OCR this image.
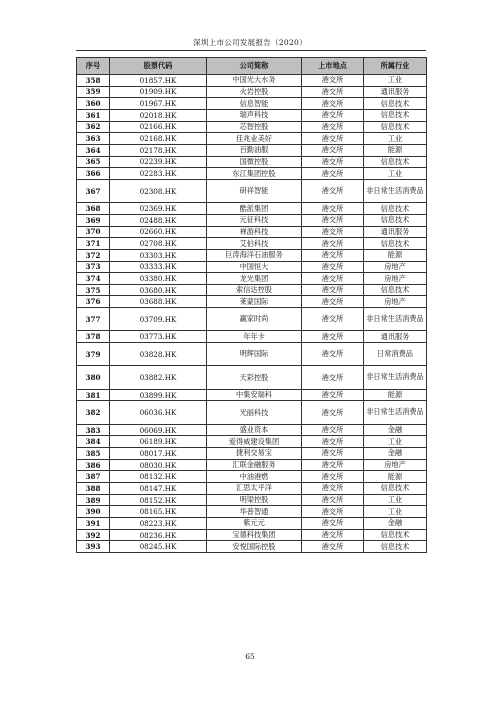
深圳上市公司发展报告（2020）
序号	股票代码	公司简称	上市地点	所属行业
358	01857.HK	中国光大水务	港交所	工业
359	01909.HK	火岩控股	港交所	通讯服务
360	01967.HK	信息智能	港交所	信息技术
361	02018.HK	瑞声科技	港交所	信息技术
362	02166.HK	芯智控股	港交所	信息技术
363	02168.HK	佳兆业美好	港交所	工业
364	02178.HK	百勤油服	港交所	能源
365	02239.HK	国微控股	港交所	信息技术
366	02283.HK	东江集团控股	港交所	工业
367	02308.HK	研祥智能	港交所	非日常生活消费品
368	02369.HK	酷派集团	港交所	信息技术
369	02488.HK	元征科技	港交所	信息技术
370	02660.HK	禅游科技	港交所	通讯服务
371	02708.HK	艾伯科技	港交所	信息技术
372	03303.HK	巨涛海洋石油服务	港交所	能源
373	03333.HK	中国恒大	港交所	房地产
374	03380.HK	龙光集团	港交所	房地产
375	03680.HK	索信达控股	港交所	信息技术
376	03688.HK	莱蒙国际	港交所	房地产
377	03709.HK	赢家时尚	港交所	非日常生活消费品
378	03773.HK	年年卡	港交所	通讯服务
379	03828.HK	明辉国际	港交所	日常消费品
380	03882.HK	天彩控股	港交所	非日常生活消费品
381	03899.HK	中集安瑞科	港交所	能源
382	06036.HK	光丽科技	港交所	非日常生活消费品
383	06069.HK	盛业资本	港交所	金融
384	06189.HK	爱得威建设集团	港交所	工业
385	08017.HK	捷利交易宝	港交所	金融
386	08030.HK	汇联金融服务	港交所	房地产
387	08132.HK	中油港燃	港交所	能源
388	08147.HK	汇思太平洋	港交所	信息技术
389	08152.HK	明梁控股	港交所	工业
390	08165.HK	华普智通	港交所	工业
391	08223.HK	紫元元	港交所	金融
392	08236.HK	宝德科技集团	港交所	信息技术
393	08245.HK	安悦国际控股	港交所	信息技术
65
